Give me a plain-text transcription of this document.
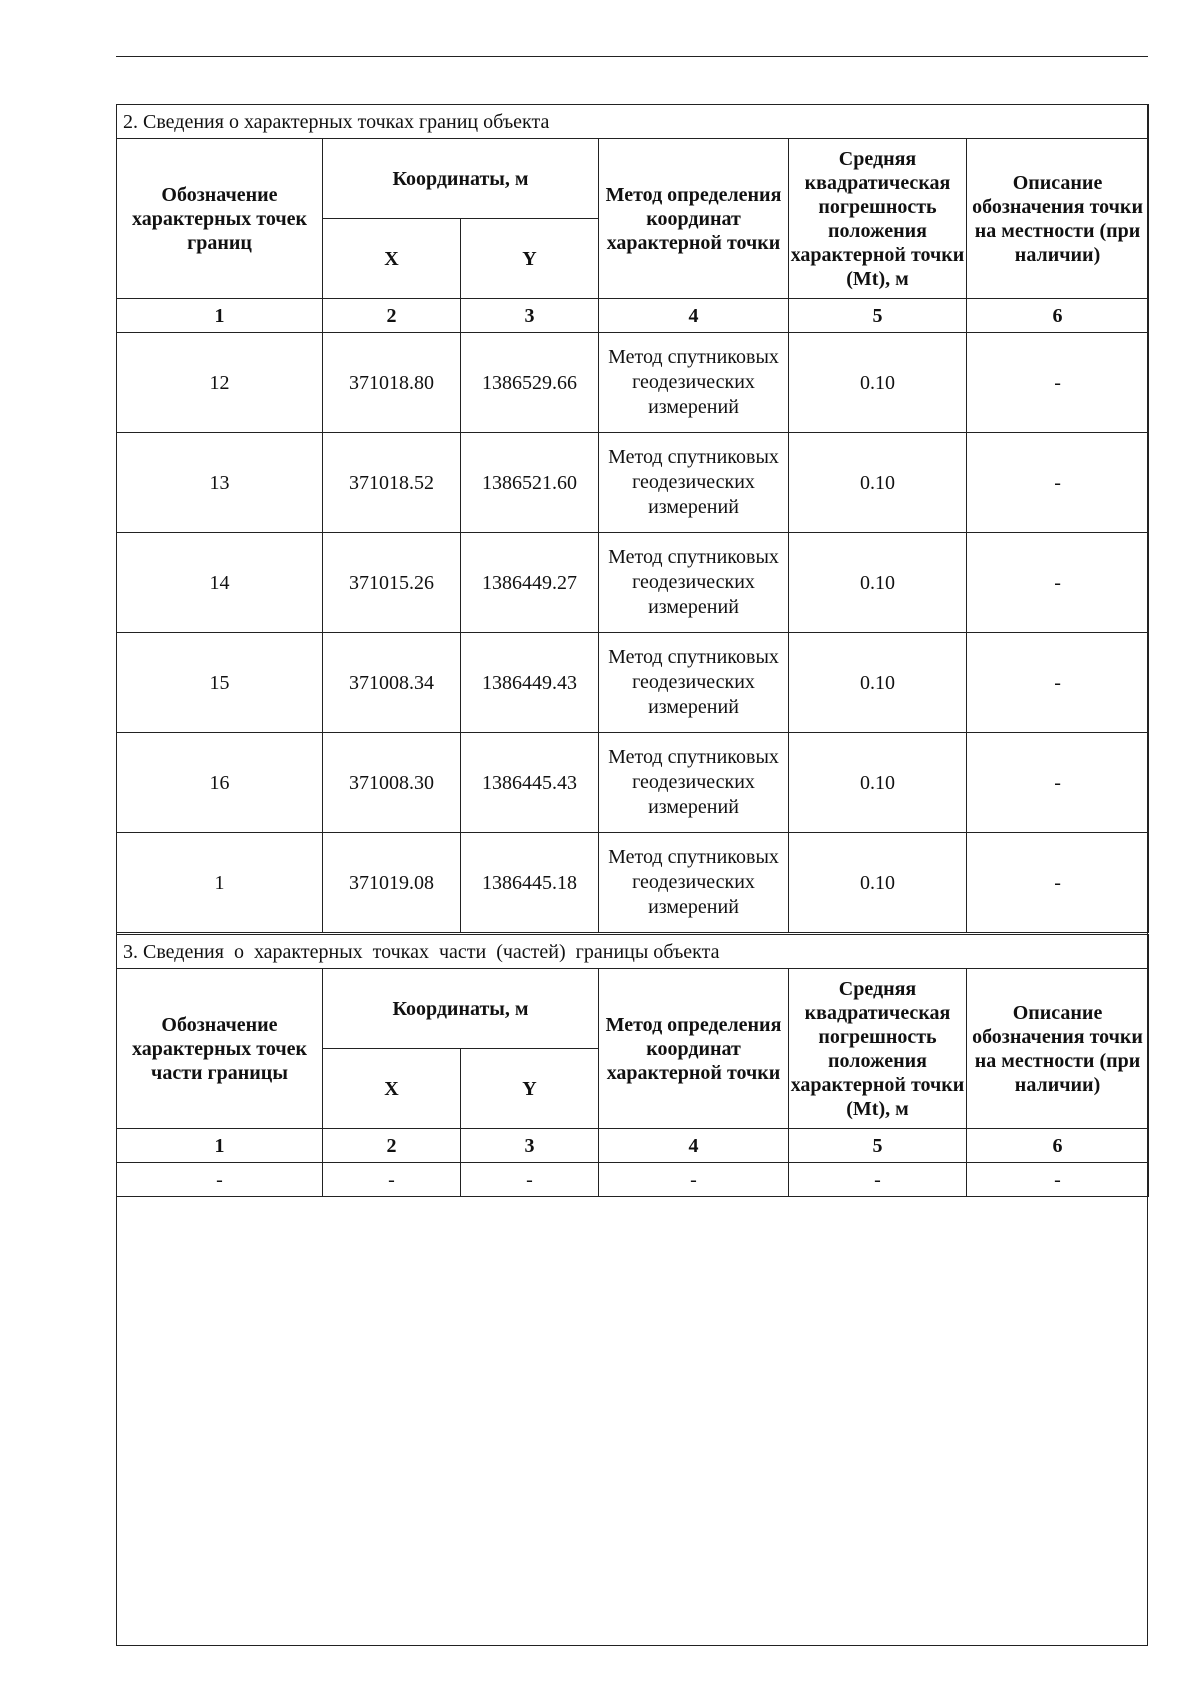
2. Сведения о характерных точках границ объекта					
Обозначение характерных точек границ	Координаты, м		Метод определения координат характерной точки	Средняя квадратическая погрешность положения характерной точки (Mt), м	Описание обозначения точки на местности (при наличии)
	X	Y			
1	2	3	4	5	6
12	371018.80	1386529.66	Метод спутниковых геодезических измерений	0.10	-
13	371018.52	1386521.60	Метод спутниковых геодезических измерений	0.10	-
14	371015.26	1386449.27	Метод спутниковых геодезических измерений	0.10	-
15	371008.34	1386449.43	Метод спутниковых геодезических измерений	0.10	-
16	371008.30	1386445.43	Метод спутниковых геодезических измерений	0.10	-
1	371019.08	1386445.18	Метод спутниковых геодезических измерений	0.10	-
3. Сведения  о  характерных  точках  части  (частей)  границы объекта					
Обозначение характерных точек части границы	Координаты, м		Метод определения координат характерной точки	Средняя квадратическая погрешность положения характерной точки (Mt), м	Описание обозначения точки на местности (при наличии)
	X	Y			
1	2	3	4	5	6
-	-	-	-	-	-
